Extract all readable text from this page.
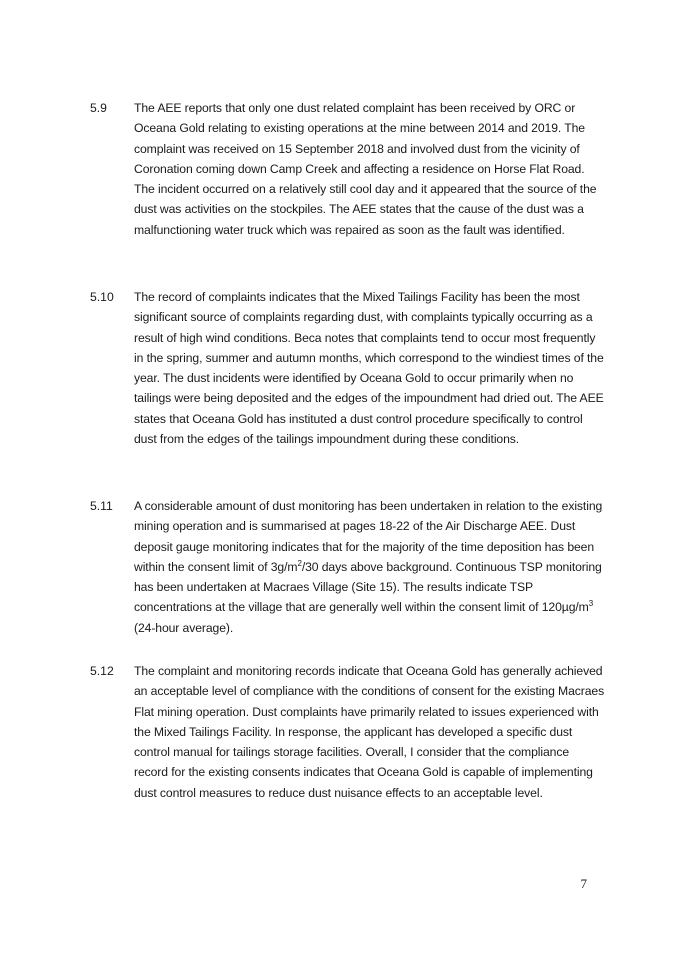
5.9	The AEE reports that only one dust related complaint has been received by ORC or Oceana Gold relating to existing operations at the mine between 2014 and 2019. The complaint was received on 15 September 2018 and involved dust from the vicinity of Coronation coming down Camp Creek and affecting a residence on Horse Flat Road. The incident occurred on a relatively still cool day and it appeared that the source of the dust was activities on the stockpiles. The AEE states that the cause of the dust was a malfunctioning water truck which was repaired as soon as the fault was identified.
5.10	The record of complaints indicates that the Mixed Tailings Facility has been the most significant source of complaints regarding dust, with complaints typically occurring as a result of high wind conditions. Beca notes that complaints tend to occur most frequently in the spring, summer and autumn months, which correspond to the windiest times of the year. The dust incidents were identified by Oceana Gold to occur primarily when no tailings were being deposited and the edges of the impoundment had dried out. The AEE states that Oceana Gold has instituted a dust control procedure specifically to control dust from the edges of the tailings impoundment during these conditions.
5.11	A considerable amount of dust monitoring has been undertaken in relation to the existing mining operation and is summarised at pages 18-22 of the Air Discharge AEE. Dust deposit gauge monitoring indicates that for the majority of the time deposition has been within the consent limit of $3g/m^2/30$ days above background. Continuous TSP monitoring has been undertaken at Macraes Village (Site 15). The results indicate TSP concentrations at the village that are generally well within the consent limit of $120\mu g/m^3$ (24-hour average).
5.12	The complaint and monitoring records indicate that Oceana Gold has generally achieved an acceptable level of compliance with the conditions of consent for the existing Macraes Flat mining operation. Dust complaints have primarily related to issues experienced with the Mixed Tailings Facility. In response, the applicant has developed a specific dust control manual for tailings storage facilities. Overall, I consider that the compliance record for the existing consents indicates that Oceana Gold is capable of implementing dust control measures to reduce dust nuisance effects to an acceptable level.
7
